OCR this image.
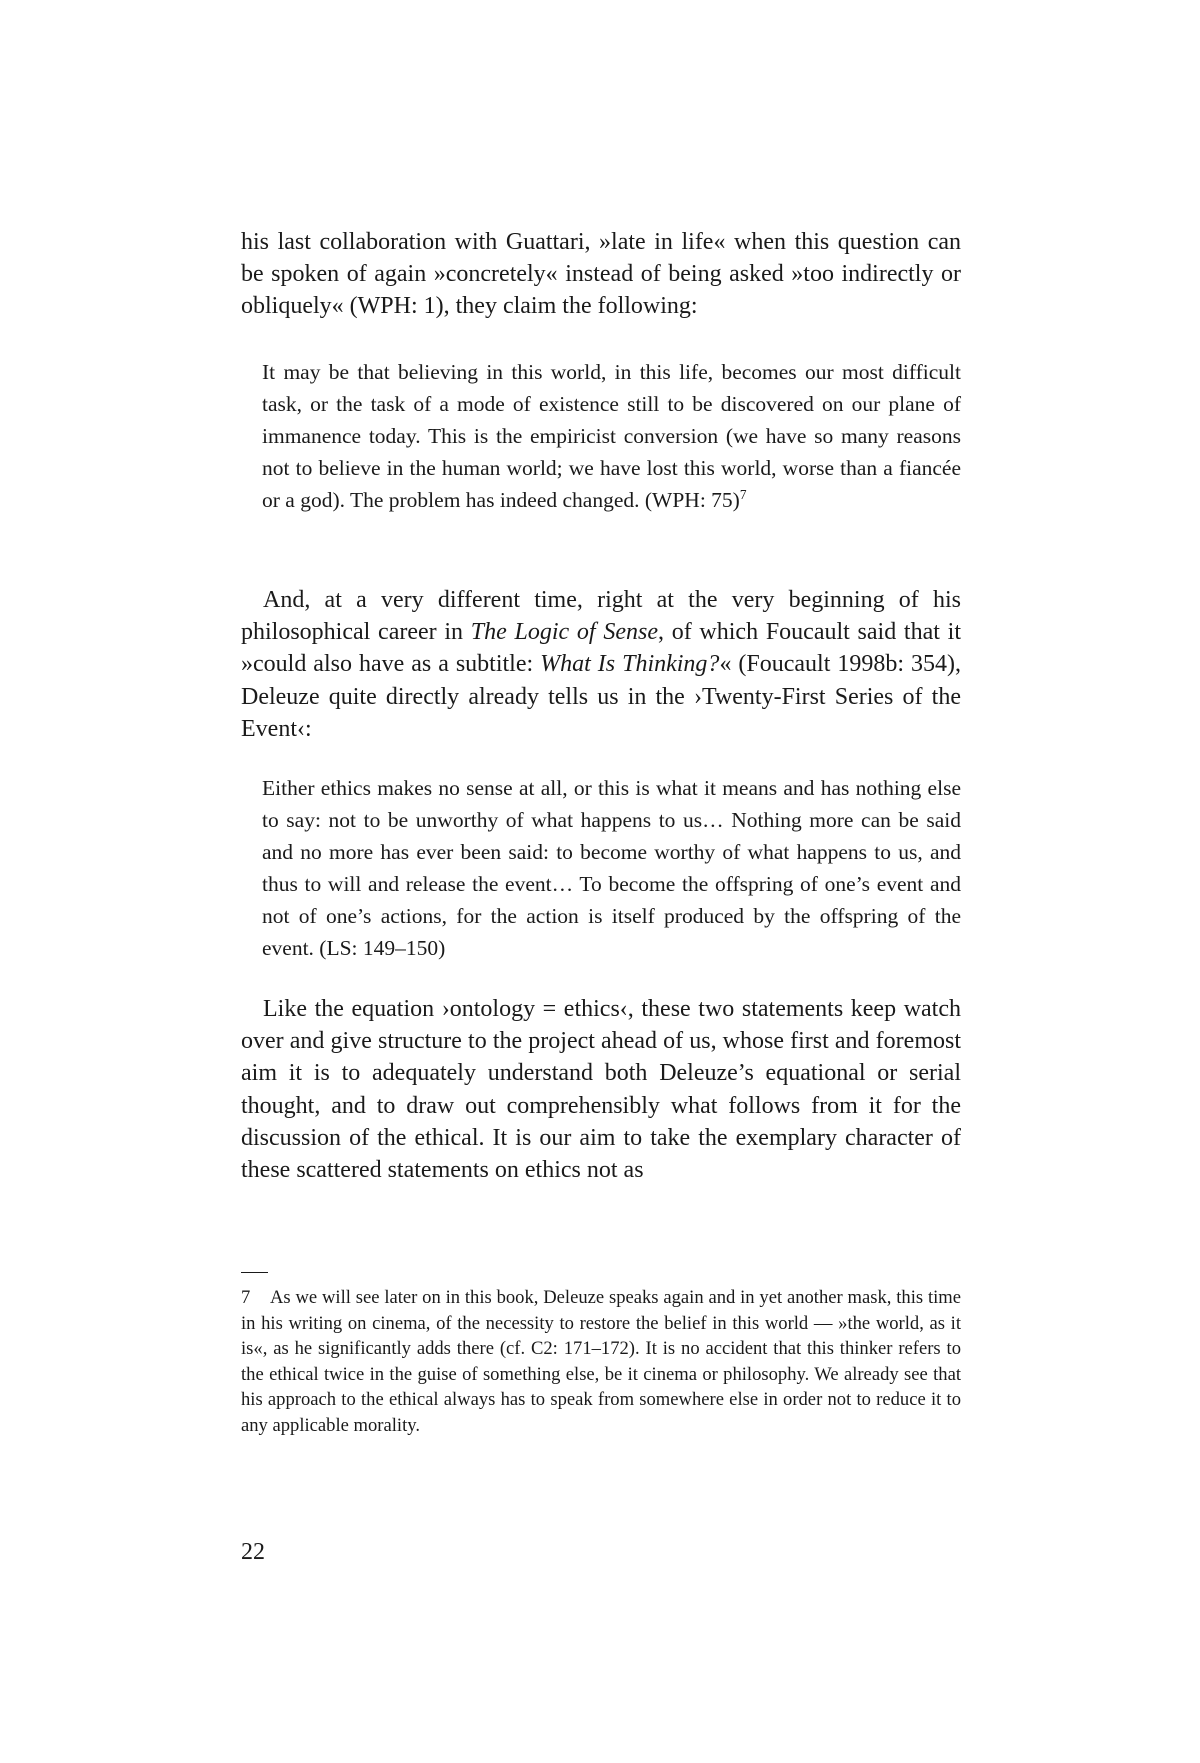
his last collaboration with Guattari, »late in life« when this question can be spoken of again »concretely« instead of being asked »too indirectly or obliquely« (WPH: 1), they claim the following:

It may be that believing in this world, in this life, becomes our most difficult task, or the task of a mode of existence still to be discovered on our plane of immanence today. This is the empiricist conversion (we have so many reasons not to believe in the human world; we have lost this world, worse than a fiancée or a god). The problem has indeed changed. (WPH: 75)$^7$

And, at a very different time, right at the very beginning of his philosophical career in The Logic of Sense, of which Foucault said that it »could also have as a subtitle: What Is Thinking?« (Foucault 1998b: 354), Deleuze quite directly already tells us in the ›Twenty-First Series of the Event‹:

Either ethics makes no sense at all, or this is what it means and has nothing else to say: not to be unworthy of what happens to us… Nothing more can be said and no more has ever been said: to become worthy of what happens to us, and thus to will and release the event… To become the offspring of one’s event and not of one’s actions, for the action is itself produced by the offspring of the event. (LS: 149–150)

Like the equation ›ontology = ethics‹, these two statements keep watch over and give structure to the project ahead of us, whose first and foremost aim it is to adequately understand both Deleuze’s equational or serial thought, and to draw out comprehensibly what follows from it for the discussion of the ethical. It is our aim to take the exemplary character of these scattered statements on ethics not as

7 As we will see later on in this book, Deleuze speaks again and in yet another mask, this time in his writing on cinema, of the necessity to restore the belief in this world — »the world, as it is«, as he significantly adds there (cf. C2: 171–172). It is no accident that this thinker refers to the ethical twice in the guise of something else, be it cinema or philosophy. We already see that his approach to the ethical always has to speak from somewhere else in order not to reduce it to any applicable morality.

22
